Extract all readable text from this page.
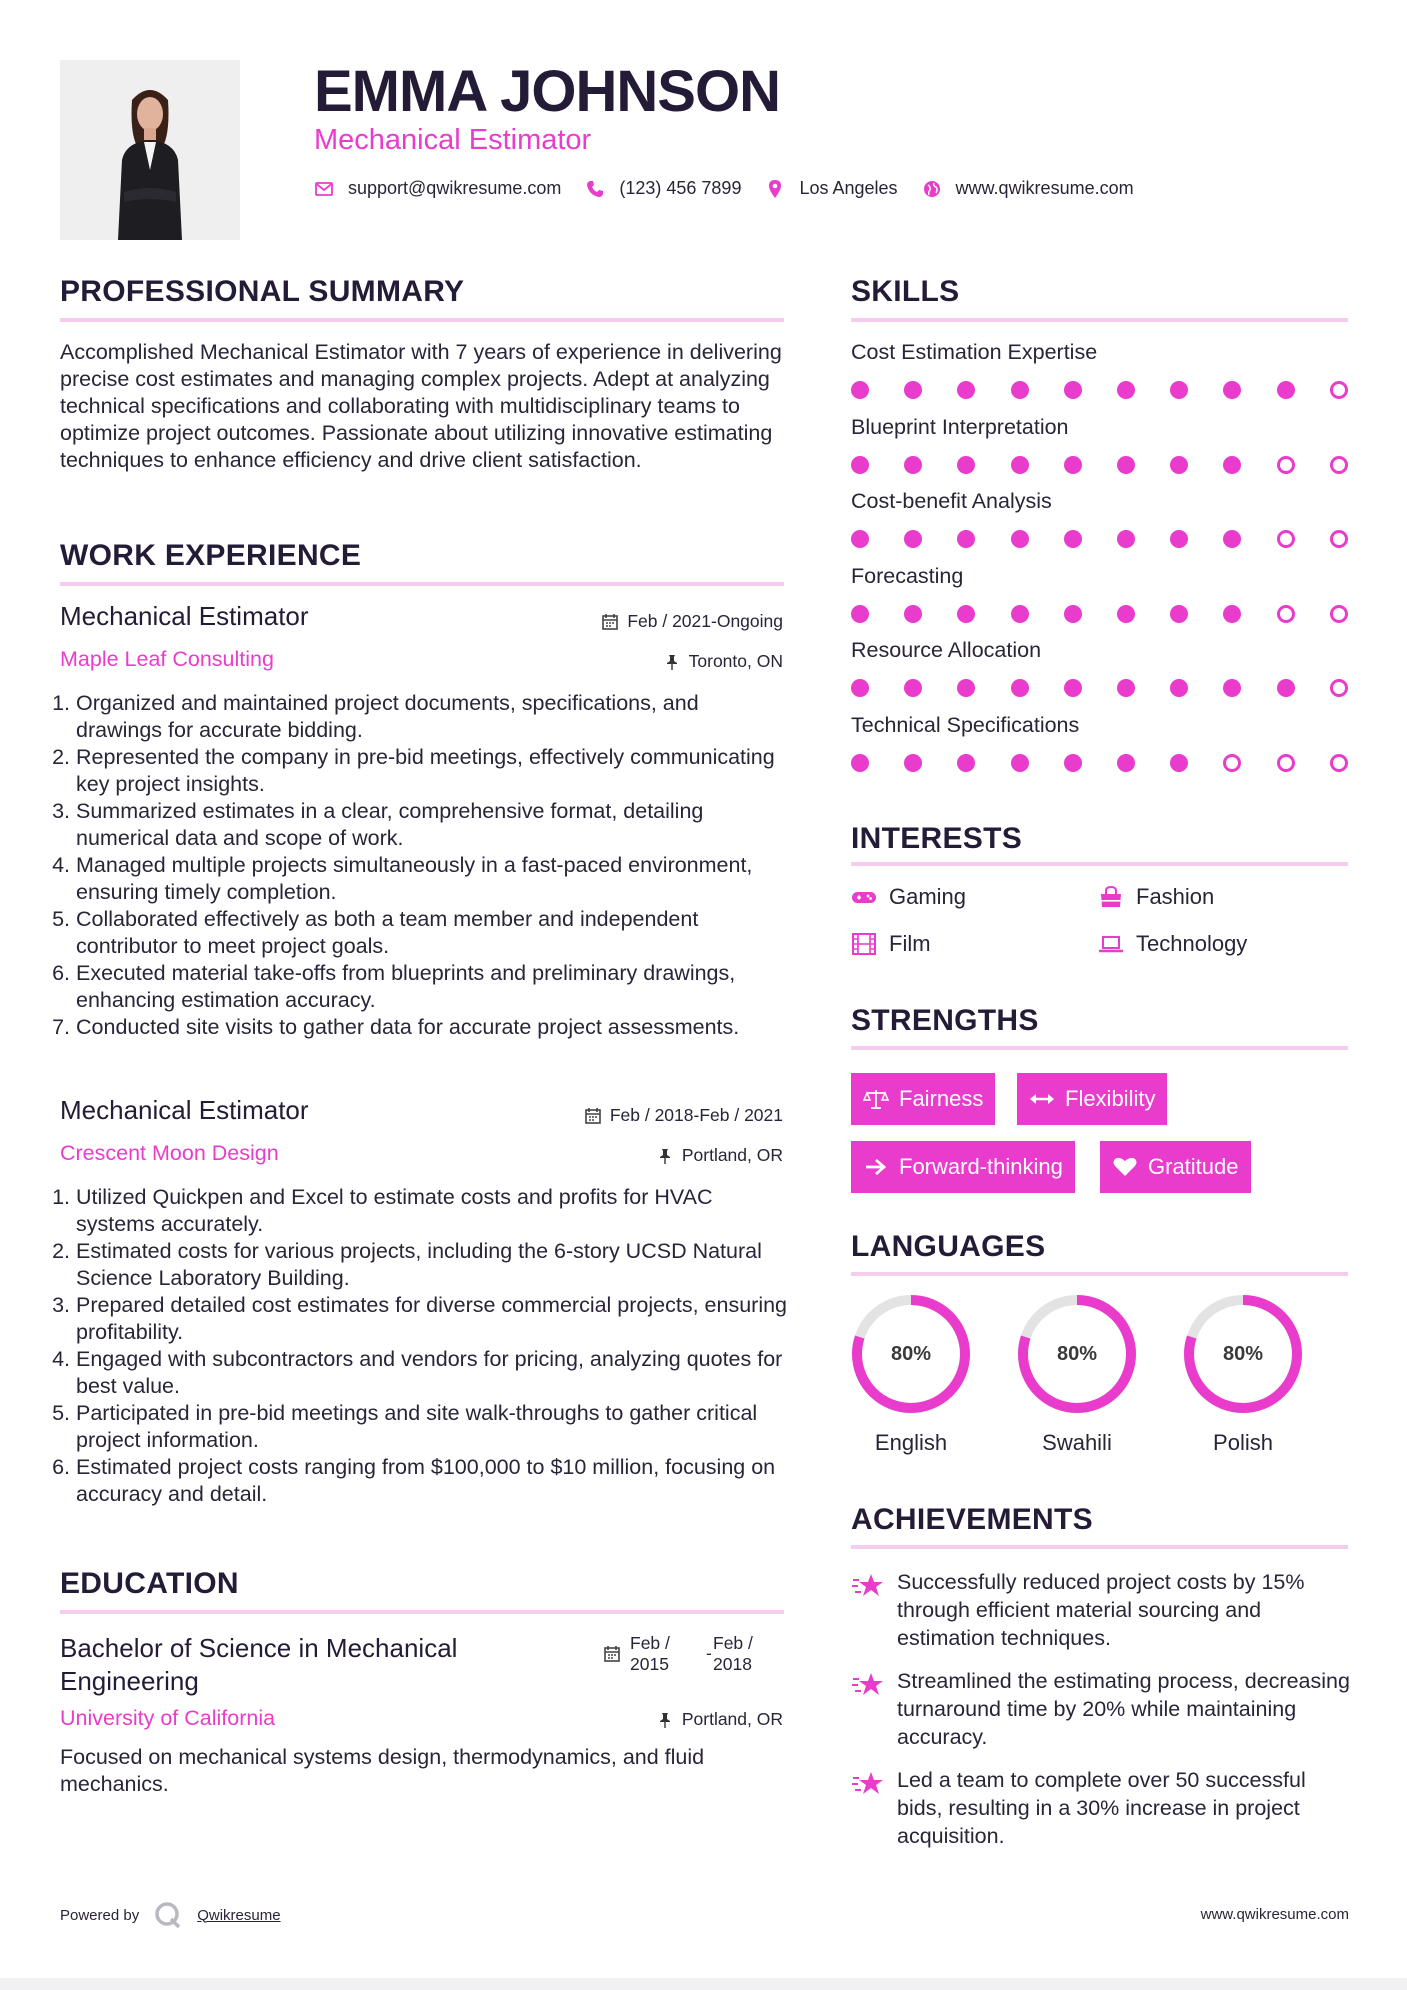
EMMA JOHNSON
Mechanical Estimator
support@qwikresume.com	(123) 456 7899	Los Angeles	www.qwikresume.com
PROFESSIONAL SUMMARY
Accomplished Mechanical Estimator with 7 years of experience in delivering precise cost estimates and managing complex projects. Adept at analyzing technical specifications and collaborating with multidisciplinary teams to optimize project outcomes. Passionate about utilizing innovative estimating techniques to enhance efficiency and drive client satisfaction.
WORK EXPERIENCE
Mechanical Estimator	Feb / 2021-Ongoing
Maple Leaf Consulting	Toronto, ON
1. Organized and maintained project documents, specifications, and drawings for accurate bidding.
2. Represented the company in pre-bid meetings, effectively communicating key project insights.
3. Summarized estimates in a clear, comprehensive format, detailing numerical data and scope of work.
4. Managed multiple projects simultaneously in a fast-paced environment, ensuring timely completion.
5. Collaborated effectively as both a team member and independent contributor to meet project goals.
6. Executed material take-offs from blueprints and preliminary drawings, enhancing estimation accuracy.
7. Conducted site visits to gather data for accurate project assessments.
Mechanical Estimator	Feb / 2018-Feb / 2021
Crescent Moon Design	Portland, OR
1. Utilized Quickpen and Excel to estimate costs and profits for HVAC systems accurately.
2. Estimated costs for various projects, including the 6-story UCSD Natural Science Laboratory Building.
3. Prepared detailed cost estimates for diverse commercial projects, ensuring profitability.
4. Engaged with subcontractors and vendors for pricing, analyzing quotes for best value.
5. Participated in pre-bid meetings and site walk-throughs to gather critical project information.
6. Estimated project costs ranging from $100,000 to $10 million, focusing on accuracy and detail.
EDUCATION
Bachelor of Science in Mechanical Engineering
Feb / 2015
- Feb / 2018
University of California	Portland, OR
Focused on mechanical systems design, thermodynamics, and fluid mechanics.
SKILLS
Cost Estimation Expertise
Blueprint Interpretation
Cost-benefit Analysis
Forecasting
Resource Allocation
Technical Specifications
INTERESTS
Gaming	Fashion
Film	Technology
STRENGTHS
Fairness	Flexibility
Forward-thinking	Gratitude
LANGUAGES
80%
English
80%
Swahili
80%
Polish
ACHIEVEMENTS
Successfully reduced project costs by 15% through efficient material sourcing and estimation techniques.
Streamlined the estimating process, decreasing turnaround time by 20% while maintaining accuracy.
Led a team to complete over 50 successful bids, resulting in a 30% increase in project acquisition.
Powered by	Qwikresume	www.qwikresume.com
